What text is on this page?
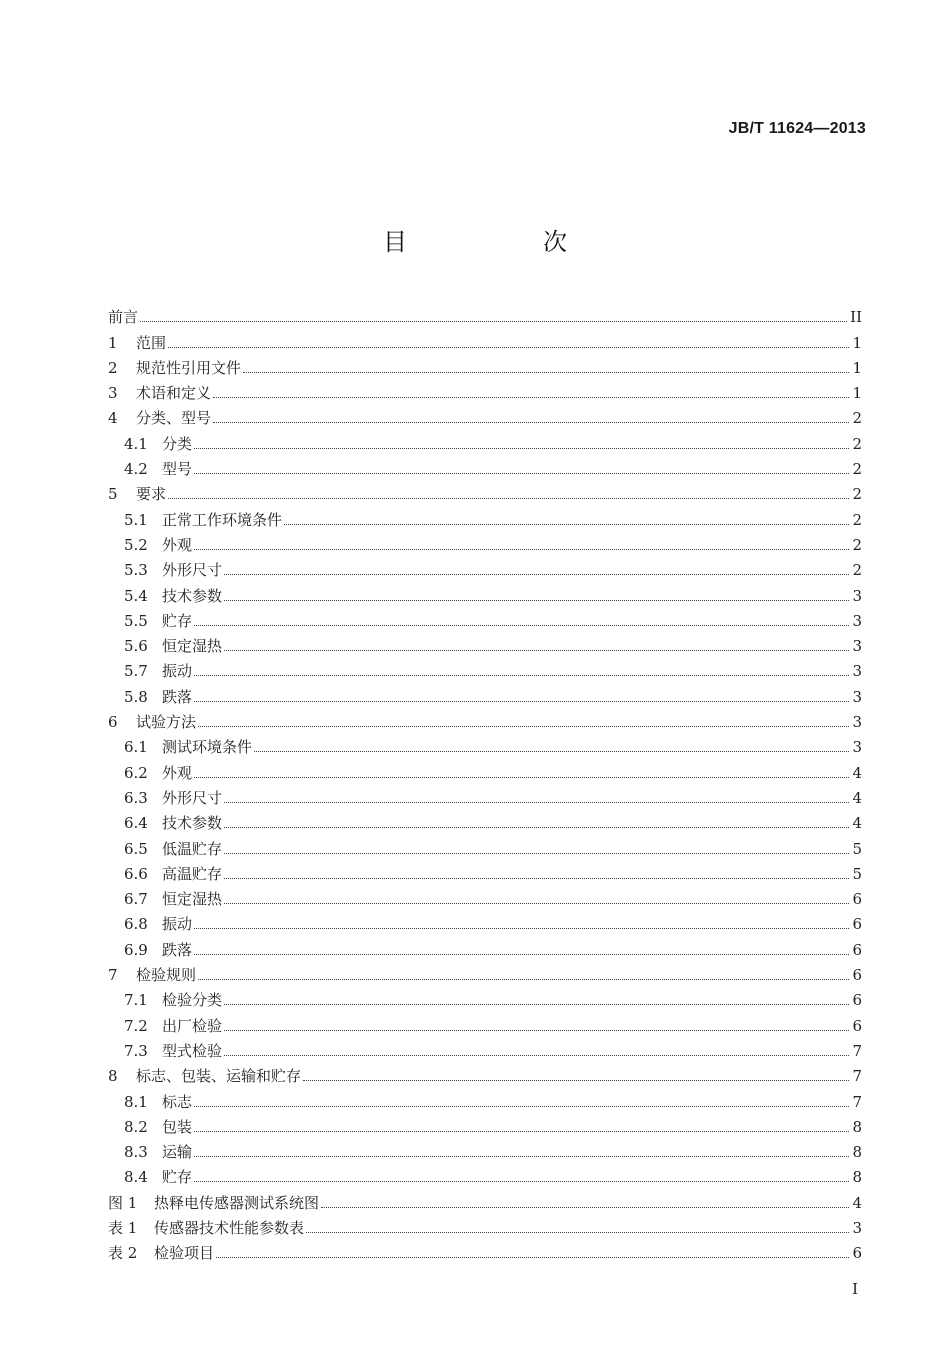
JB/T 11624—2013
目　次
前言	II
1	范围	1
2	规范性引用文件	1
3	术语和定义	1
4	分类、型号	2
4.1 分类	2
4.2 型号	2
5	要求	2
5.1 正常工作环境条件	2
5.2 外观	2
5.3 外形尺寸	2
5.4 技术参数	3
5.5 贮存	3
5.6 恒定湿热	3
5.7 振动	3
5.8 跌落	3
6	试验方法	3
6.1 测试环境条件	3
6.2 外观	4
6.3 外形尺寸	4
6.4 技术参数	4
6.5 低温贮存	5
6.6 高温贮存	5
6.7 恒定湿热	6
6.8 振动	6
6.9 跌落	6
7	检验规则	6
7.1 检验分类	6
7.2 出厂检验	6
7.3 型式检验	7
8	标志、包装、运输和贮存	7
8.1 标志	7
8.2 包装	8
8.3 运输	8
8.4 贮存	8
图 1	热释电传感器测试系统图	4
表 1	传感器技术性能参数表	3
表 2	检验项目	6
I
